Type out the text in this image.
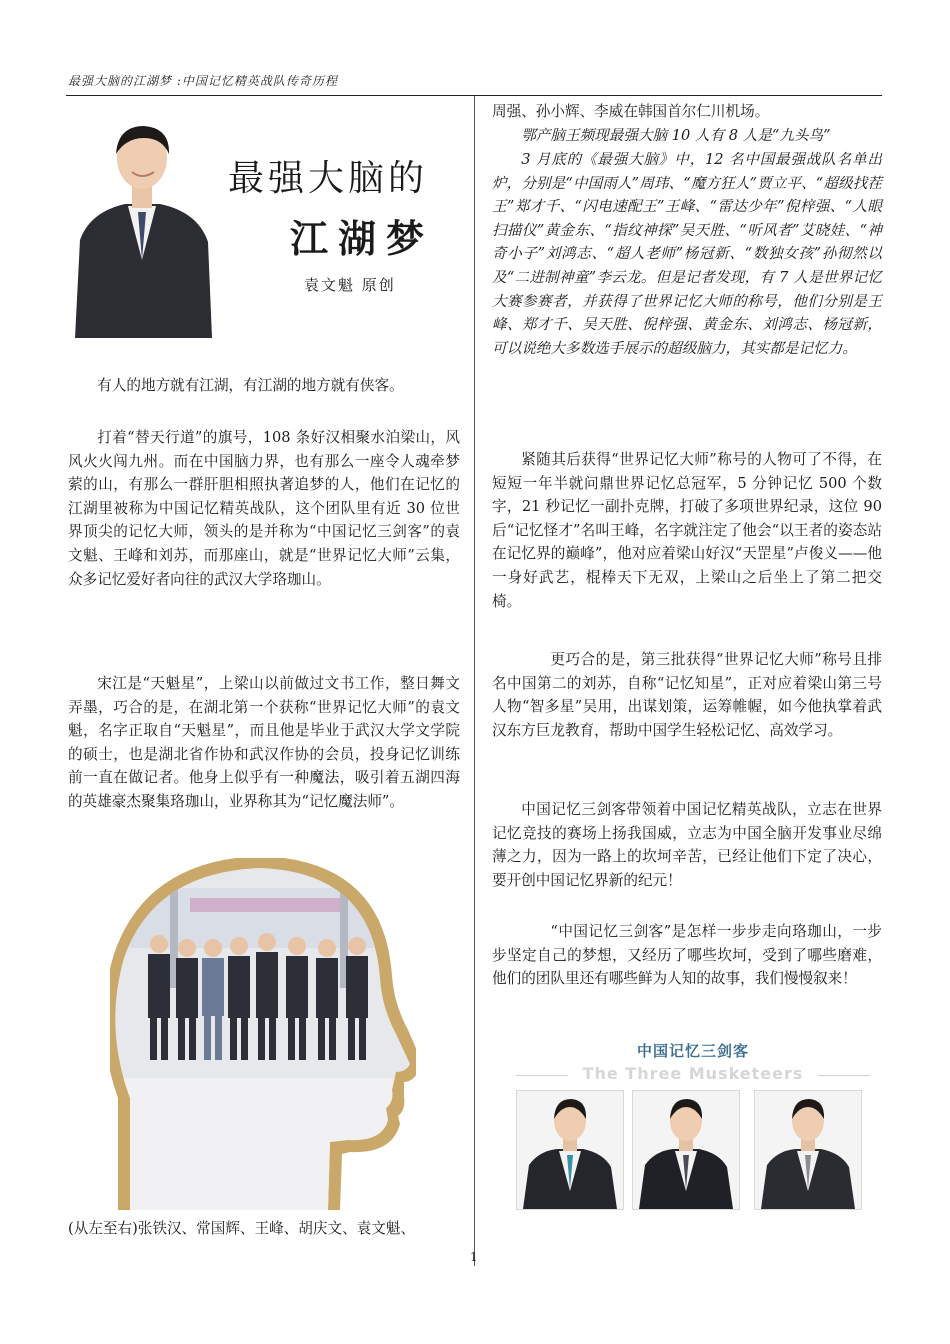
最强大脑的江湖梦 :中国记忆精英战队传奇历程
最强大脑的
江湖梦
袁文魁 原创

有人的地方就有江湖，有江湖的地方就有侠客。

打着“替天行道”的旗号，108 条好汉相聚水泊梁山，风风火火闯九州。而在中国脑力界，也有那么一座令人魂牵梦萦的山，有那么一群肝胆相照执著追梦的人，他们在记忆的江湖里被称为中国记忆精英战队，这个团队里有近 30 位世界顶尖的记忆大师，领头的是并称为“中国记忆三剑客”的袁文魁、王峰和刘苏，而那座山，就是“世界记忆大师”云集，众多记忆爱好者向往的武汉大学珞珈山。

宋江是“天魁星”，上梁山以前做过文书工作，整日舞文弄墨，巧合的是，在湖北第一个获称“世界记忆大师”的袁文魁，名字正取自“天魁星”，而且他是毕业于武汉大学文学院的硕士，也是湖北省作协和武汉作协的会员，投身记忆训练前一直在做记者。他身上似乎有一种魔法，吸引着五湖四海的英雄豪杰聚集珞珈山，业界称其为“记忆魔法师”。

(从左至右)张铁汉、常国辉、王峰、胡庆文、袁文魁、

周强、孙小辉、李威在韩国首尔仁川机场。

鄂产脑王频现最强大脑 10 人有 8 人是“九头鸟”

3 月底的《最强大脑》中，12 名中国最强战队名单出炉，分别是“中国雨人”周玮、“魔方狂人”贾立平、“超级找茬王”郑才千、“闪电速配王”王峰、“雷达少年”倪梓强、“人眼扫描仪”黄金东、“指纹神探”吴天胜、“听风者”艾晓娃、“神奇小子”刘鸿志、“超人老师”杨冠新、“数独女孩”孙彻然以及“二进制神童”李云龙。但是记者发现，有 7 人是世界记忆大赛参赛者，并获得了世界记忆大师的称号，他们分别是王峰、郑才千、吴天胜、倪梓强、黄金东、刘鸿志、杨冠新，可以说绝大多数选手展示的超级脑力，其实都是记忆力。

紧随其后获得“世界记忆大师”称号的人物可了不得，在短短一年半就问鼎世界记忆总冠军，5 分钟记忆 500 个数字，21 秒记忆一副扑克牌，打破了多项世界纪录，这位 90 后“记忆怪才”名叫王峰，名字就注定了他会“以王者的姿态站在记忆界的巅峰”，他对应着梁山好汉“天罡星”卢俊义——他一身好武艺，棍棒天下无双，上梁山之后坐上了第二把交椅。

更巧合的是，第三批获得“世界记忆大师”称号且排名中国第二的刘苏，自称“记忆知星”，正对应着梁山第三号人物“智多星”吴用，出谋划策，运筹帷幄，如今他执掌着武汉东方巨龙教育，帮助中国学生轻松记忆、高效学习。

中国记忆三剑客带领着中国记忆精英战队，立志在世界记忆竞技的赛场上扬我国威，立志为中国全脑开发事业尽绵薄之力，因为一路上的坎坷辛苦，已经让他们下定了决心，要开创中国记忆界新的纪元！

“中国记忆三剑客”是怎样一步步走向珞珈山，一步步坚定自己的梦想，又经历了哪些坎坷，受到了哪些磨难，他们的团队里还有哪些鲜为人知的故事，我们慢慢叙来！

中国记忆三剑客
The Three Musketeers
1
